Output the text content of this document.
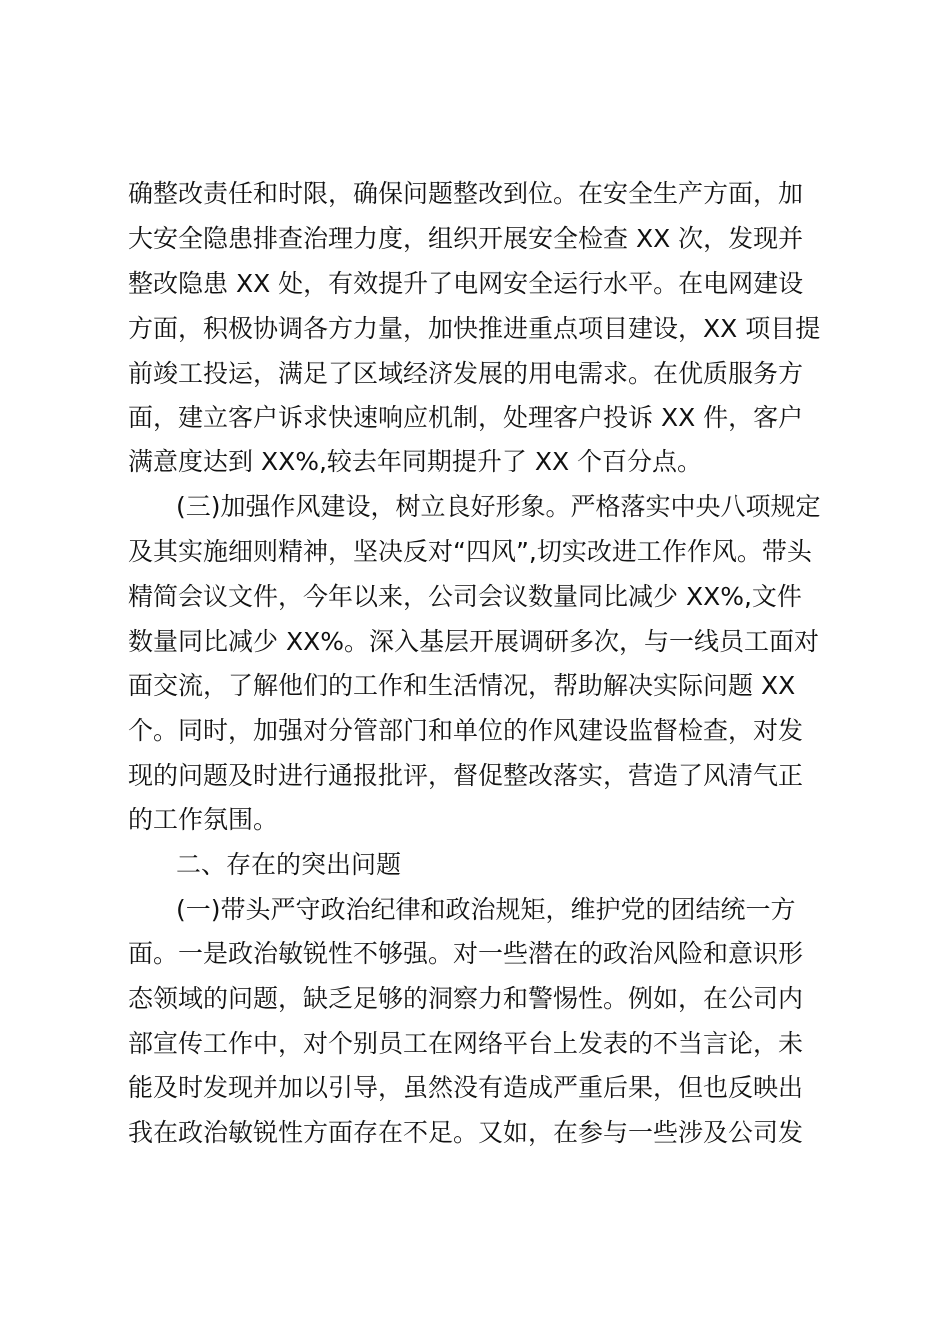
确整改责任和时限，确保问题整改到位。在安全生产方面，加
大安全隐患排查治理力度，组织开展安全检查 XX 次，发现并
整改隐患 XX 处，有效提升了电网安全运行水平。在电网建设
方面，积极协调各方力量，加快推进重点项目建设，XX 项目提
前竣工投运，满足了区域经济发展的用电需求。在优质服务方
面，建立客户诉求快速响应机制，处理客户投诉 XX 件，客户
满意度达到 XX%,较去年同期提升了 XX 个百分点。
(三)加强作风建设，树立良好形象。严格落实中央八项规定
及其实施细则精神，坚决反对“四风”,切实改进工作作风。带头
精简会议文件，今年以来，公司会议数量同比减少 XX%,文件
数量同比减少 XX%。深入基层开展调研多次，与一线员工面对
面交流，了解他们的工作和生活情况，帮助解决实际问题 XX
个。同时，加强对分管部门和单位的作风建设监督检查，对发
现的问题及时进行通报批评，督促整改落实，营造了风清气正
的工作氛围。
二、存在的突出问题
(一)带头严守政治纪律和政治规矩，维护党的团结统一方
面。一是政治敏锐性不够强。对一些潜在的政治风险和意识形
态领域的问题，缺乏足够的洞察力和警惕性。例如，在公司内
部宣传工作中，对个别员工在网络平台上发表的不当言论，未
能及时发现并加以引导，虽然没有造成严重后果，但也反映出
我在政治敏锐性方面存在不足。又如，在参与一些涉及公司发
